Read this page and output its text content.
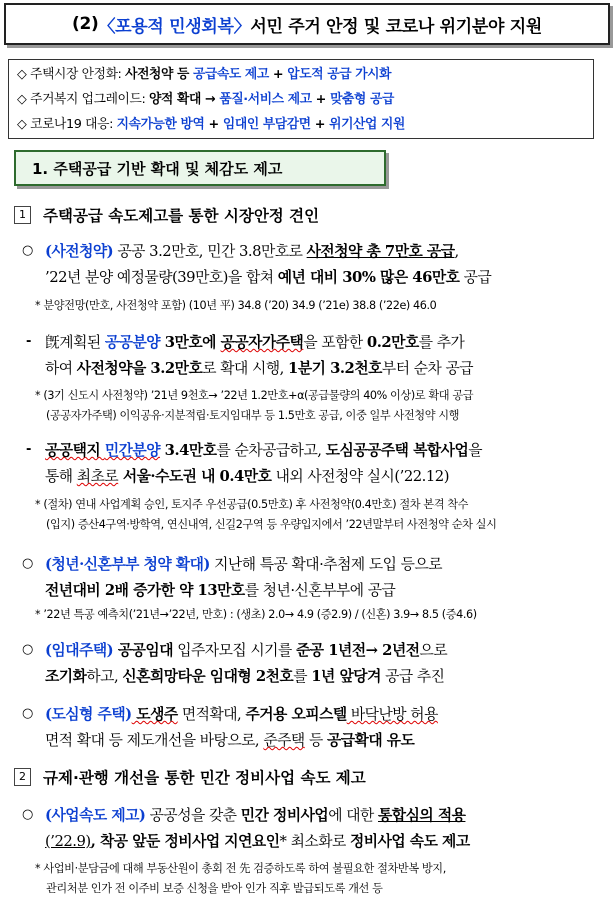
(2) 〈포용적 민생회복〉 서민 주거 안정 및 코로나 위기분야 지원
◇ 주택시장 안정화: 사전청약 등 공급속도 제고 + 압도적 공급 가시화
◇ 주거복지 업그레이드: 양적 확대 → 품질·서비스 제고 + 맞춤형 공급
◇ 코로나19 대응: 지속가능한 방역 + 임대인 부담감면 + 위기산업 지원
1. 주택공급 기반 확대 및 체감도 제고
1	주택공급 속도제고를 통한 시장안정 견인
○ (사전청약) 공공 3.2만호, 민간 3.8만호로 사전청약 총 7만호 공급,
’22년 분양 예정물량(39만호)을 합쳐 예년 대비 30% 많은 46만호 공급
* 분양전망(만호, 사전청약 포함) (10년 平) 34.8 (’20) 34.9 (’21e) 38.8 (’22e) 46.0
- 旣계획된 공공분양 3만호에 공공자가주택을 포함한 0.2만호를 추가
하여 사전청약을 3.2만호로 확대 시행, 1분기 3.2천호부터 순차 공급
* (3기 신도시 사전청약) ’21년 9천호→ ’22년 1.2만호+α(공급물량의 40% 이상)로 확대 공급
(공공자가주택) 이익공유·지분적립·토지임대부 등 1.5만호 공급, 이중 일부 사전청약 시행
- 공공택지 민간분양 3.4만호를 순차공급하고, 도심공공주택 복합사업을
통해 최초로 서울·수도권 내 0.4만호 내외 사전청약 실시(’22.12)
* (절차) 연내 사업계획 승인, 토지주 우선공급(0.5만호) 후 사전청약(0.4만호) 절차 본격 착수
(입지) 증산4구역·방학역, 연신내역, 신길2구역 등 우량입지에서 ’22년말부터 사전청약 순차 실시
○ (청년·신혼부부 청약 확대) 지난해 특공 확대·추첨제 도입 등으로
전년대비 2배 증가한 약 13만호를 청년·신혼부부에 공급
* ’22년 특공 예측치(’21년→’22년, 만호) : (생초) 2.0→ 4.9 (증2.9) / (신혼) 3.9→ 8.5 (증4.6)
○ (임대주택) 공공임대 입주자모집 시기를 준공 1년전→ 2년전으로
조기화하고, 신혼희망타운 임대형 2천호를 1년 앞당겨 공급 추진
○ (도심형 주택) 도생주 면적확대, 주거용 오피스텔 바닥난방 허용
면적 확대 등 제도개선을 바탕으로, 준주택 등 공급확대 유도
2	규제·관행 개선을 통한 민간 정비사업 속도 제고
○ (사업속도 제고) 공공성을 갖춘 민간 정비사업에 대한 통합심의 적용
(’22.9), 착공 앞둔 정비사업 지연요인* 최소화로 정비사업 속도 제고
* 사업비·분담금에 대해 부동산원이 총회 전 先 검증하도록 하여 불필요한 절차반복 방지,
관리처분 인가 전 이주비 보증 신청을 받아 인가 직후 발급되도록 개선 등
